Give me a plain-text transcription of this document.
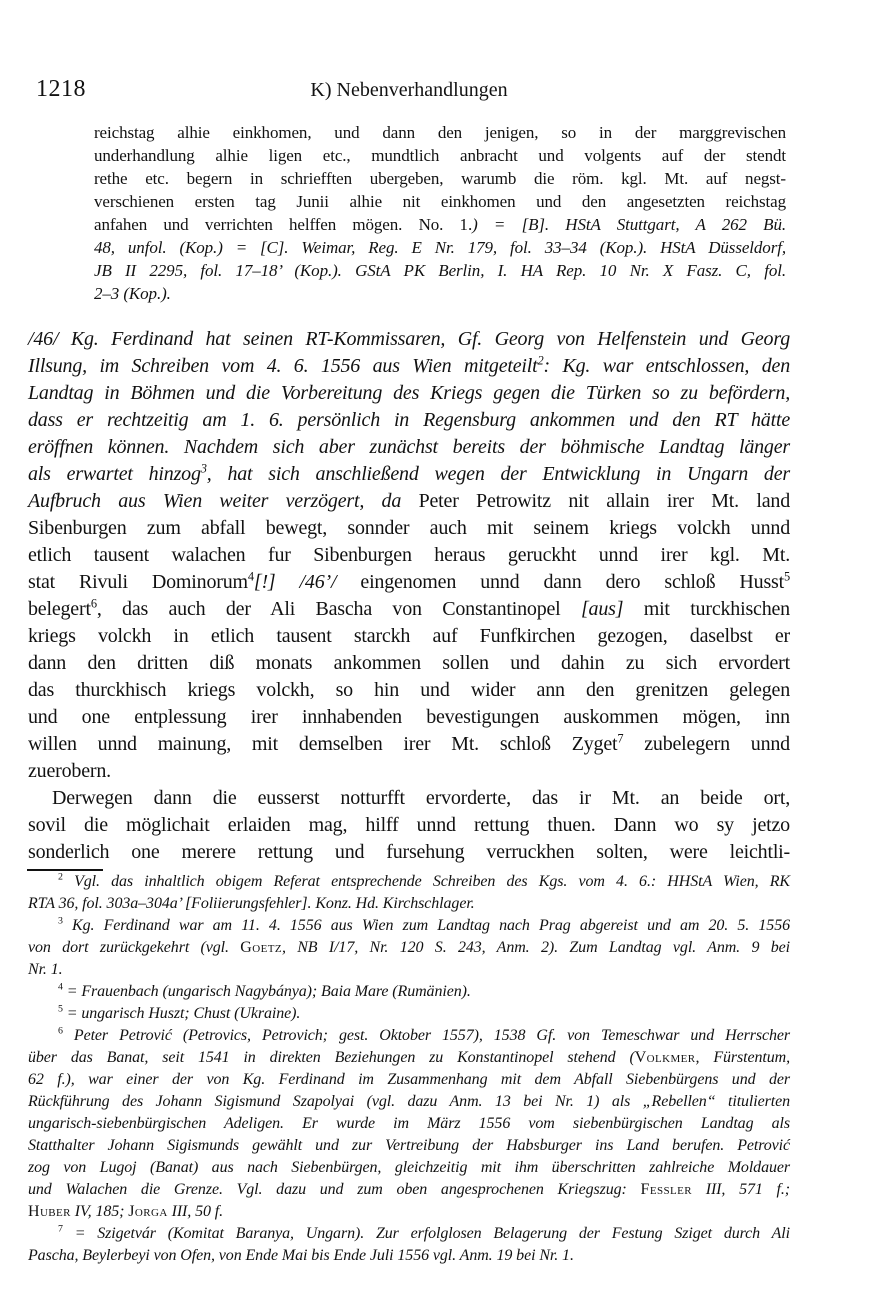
1218	K) Nebenverhandlungen
reichstag alhie einkhomen, und dann den jenigen, so in der marggrevischen
underhandlung alhie ligen etc., mundtlich anbracht und volgents auf der stendt
rethe etc. begern in schriefften ubergeben, warumb die röm. kgl. Mt. auf negst-
verschienen ersten tag Junii alhie nit einkhomen und den angesetzten reichstag
anfahen und verrichten helffen mögen. No. 1.) = [B]. HStA Stuttgart, A 262 Bü.
48, unfol. (Kop.) = [C]. Weimar, Reg. E Nr. 179, fol. 33–34 (Kop.). HStA Düsseldorf,
JB II 2295, fol. 17–18’ (Kop.). GStA PK Berlin, I. HA Rep. 10 Nr. X Fasz. C, fol.
2–3 (Kop.).
/46/ Kg. Ferdinand hat seinen RT-Kommissaren, Gf. Georg von Helfenstein und Georg
Illsung, im Schreiben vom 4. 6. 1556 aus Wien mitgeteilt$^2$: Kg. war entschlossen, den
Landtag in Böhmen und die Vorbereitung des Kriegs gegen die Türken so zu befördern,
dass er rechtzeitig am 1. 6. persönlich in Regensburg ankommen und den RT hätte
eröffnen können. Nachdem sich aber zunächst bereits der böhmische Landtag länger
als erwartet hinzog$^3$, hat sich anschließend wegen der Entwicklung in Ungarn der
Aufbruch aus Wien weiter verzögert, da Peter Petrowitz nit allain irer Mt. land
Sibenburgen zum abfall bewegt, sonnder auch mit seinem kriegs volckh unnd
etlich tausent walachen fur Sibenburgen heraus geruckht unnd irer kgl. Mt.
stat Rivuli Dominorum$^4$[!] /46’/ eingenomen unnd dann dero schloß Husst$^5$
belegert$^6$, das auch der Ali Bascha von Constantinopel [aus] mit turckhischen
kriegs volckh in etlich tausent starckh auf Funfkirchen gezogen, daselbst er
dann den dritten diß monats ankommen sollen und dahin zu sich ervordert
das thurckhisch kriegs volckh, so hin und wider ann den grenitzen gelegen
und one entplessung irer innhabenden bevestigungen auskommen mögen, inn
willen unnd mainung, mit demselben irer Mt. schloß Zyget$^7$ zubelegern unnd
zuerobern.
Derwegen dann die eusserst notturfft ervorderte, das ir Mt. an beide ort,
sovil die möglichait erlaiden mag, hilff unnd rettung thuen. Dann wo sy jetzo
sonderlich one merere rettung und fursehung verruckhen solten, were leichtli-
$^2$ Vgl. das inhaltlich obigem Referat entsprechende Schreiben des Kgs. vom 4. 6.: HHStA Wien, RK
RTA 36, fol. 303a–304a’ [Foliierungsfehler]. Konz. Hd. Kirchschlager.
$^3$ Kg. Ferdinand war am 11. 4. 1556 aus Wien zum Landtag nach Prag abgereist und am 20. 5. 1556
von dort zurückgekehrt (vgl. Goetz, NB I/17, Nr. 120 S. 243, Anm. 2). Zum Landtag vgl. Anm. 9 bei
Nr. 1.
$^4$ = Frauenbach (ungarisch Nagybánya); Baia Mare (Rumänien).
$^5$ = ungarisch Huszt; Chust (Ukraine).
$^6$ Peter Petrović (Petrovics, Petrovich; gest. Oktober 1557), 1538 Gf. von Temeschwar und Herrscher
über das Banat, seit 1541 in direkten Beziehungen zu Konstantinopel stehend (Volkmer, Fürstentum,
62 f.), war einer der von Kg. Ferdinand im Zusammenhang mit dem Abfall Siebenbürgens und der
Rückführung des Johann Sigismund Szapolyai (vgl. dazu Anm. 13 bei Nr. 1) als „Rebellen“ titulierten
ungarisch-siebenbürgischen Adeligen. Er wurde im März 1556 vom siebenbürgischen Landtag als
Statthalter Johann Sigismunds gewählt und zur Vertreibung der Habsburger ins Land berufen. Petrović
zog von Lugoj (Banat) aus nach Siebenbürgen, gleichzeitig mit ihm überschritten zahlreiche Moldauer
und Walachen die Grenze. Vgl. dazu und zum oben angesprochenen Kriegszug: Fessler III, 571 f.;
Huber IV, 185; Jorga III, 50 f.
$^7$ = Szigetvár (Komitat Baranya, Ungarn). Zur erfolglosen Belagerung der Festung Sziget durch Ali
Pascha, Beylerbeyi von Ofen, von Ende Mai bis Ende Juli 1556 vgl. Anm. 19 bei Nr. 1.
